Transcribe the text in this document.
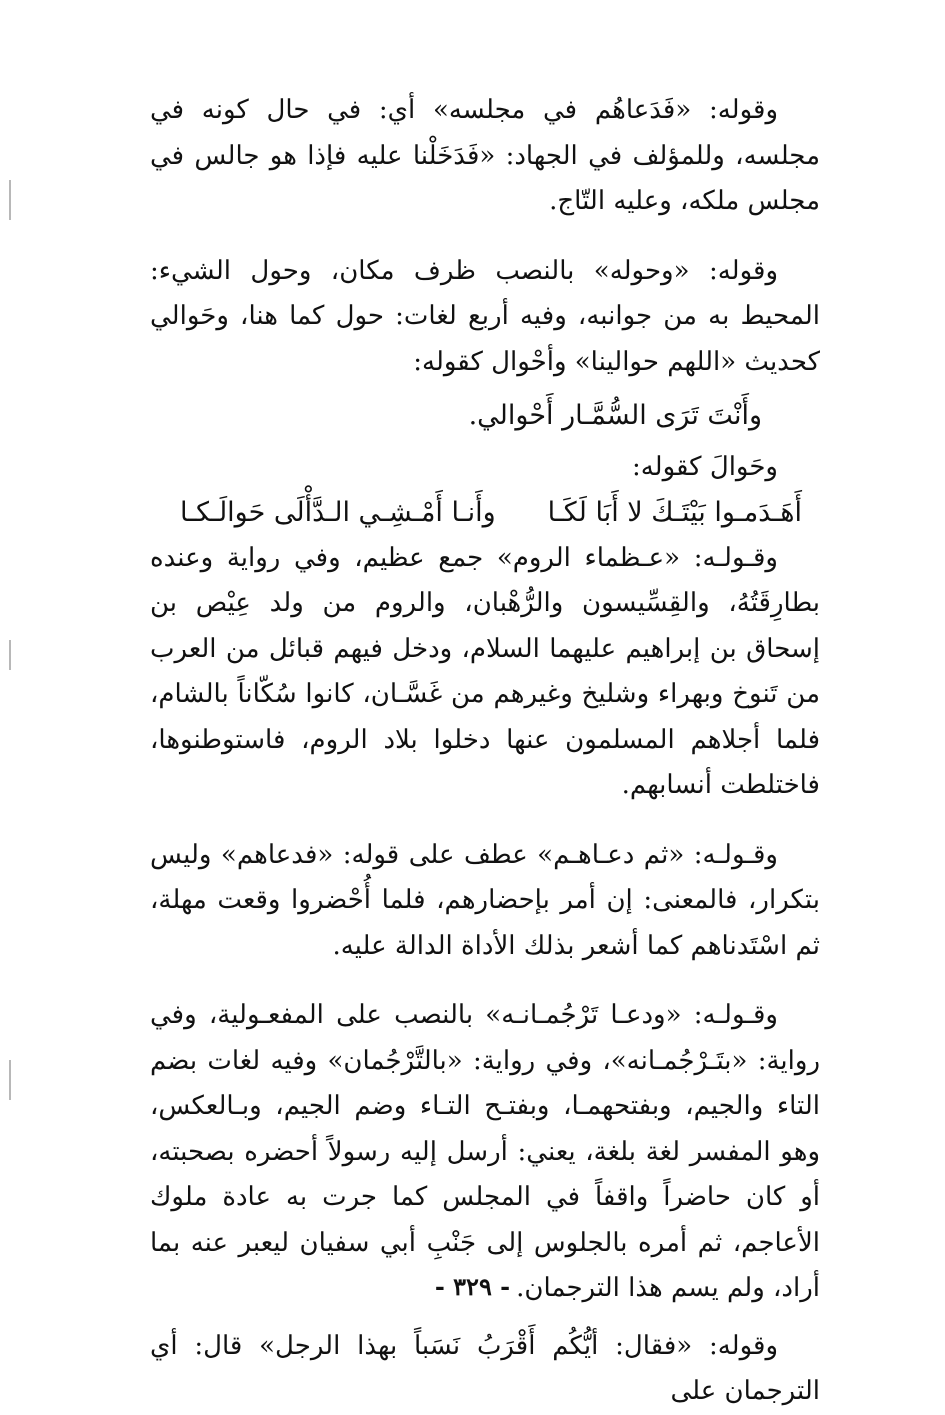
وقوله: «فَدَعاهُم في مجلسه» أي: في حال كونه في مجلسه، وللمؤلف في الجهاد: «فَدَخَلْنا عليه فإذا هو جالس في مجلس ملكه، وعليه التّاج.

وقوله: «وحوله» بالنصب ظرف مكان، وحول الشيء: المحيط به من جوانبه، وفيه أربع لغات: حول كما هنا، وحَوالي كحديث «اللهم حوالينا» وأحْوال كقوله:

وأَنْتَ تَرَى السُّمَّـار أَحْوالي.

وحَوالَ كقوله:

أَهَـدَمـوا بَيْتَـكَ لا أَبَا لَكَـا
وأَنـا أَمْـشِـي الـدَّأْلَى حَوالَـكـا

وقـولـه: «عـظماء الروم» جمع عظيم، وفي رواية وعنده بطارِقَتُهُ، والقِسِّيسون والرُّهْبان، والروم من ولد عِيْص بن إسحاق بن إبراهيم عليهما السلام، ودخل فيهم قبائل من العرب من تَنوخ وبهراء وشليخ وغيرهم من غَسَّـان، كانوا سُكّاناً بالشام، فلما أجلاهم المسلمون عنها دخلوا بلاد الروم، فاستوطنوها، فاختلطت أنسابهم.

وقـولـه: «ثم دعـاهـم» عطف على قوله: «فدعاهم» وليس بتكرار، فالمعنى: إن أمر بإحضارهم، فلما أُحْضروا وقعت مهلة، ثم اسْتَدناهم كما أشعر بذلك الأداة الدالة عليه.

وقـولـه: «ودعـا تَرْجُمـانـه» بالنصب على المفعـولية، وفي رواية: «بتَـرْجُمـانه»، وفي رواية: «بالتَّرْجُمان» وفيه لغات بضم التاء والجيم، وبفتحهمـا، وبفتـح التـاء وضم الجيم، وبـالعكس، وهو المفسر لغة بلغة، يعني: أرسل إليه رسولاً أحضره بصحبته، أو كان حاضراً واقفاً في المجلس كما جرت به عادة ملوك الأعاجم، ثم أمره بالجلوس إلى جَنْبِ أبي سفيان ليعبر عنه بما أراد، ولم يسم هذا الترجمان.

وقوله: «فقال: أيُّكُم أَقْرَبُ نَسَباً بهذا الرجل» قال: أي الترجمان على

- ٣٢٩ -
